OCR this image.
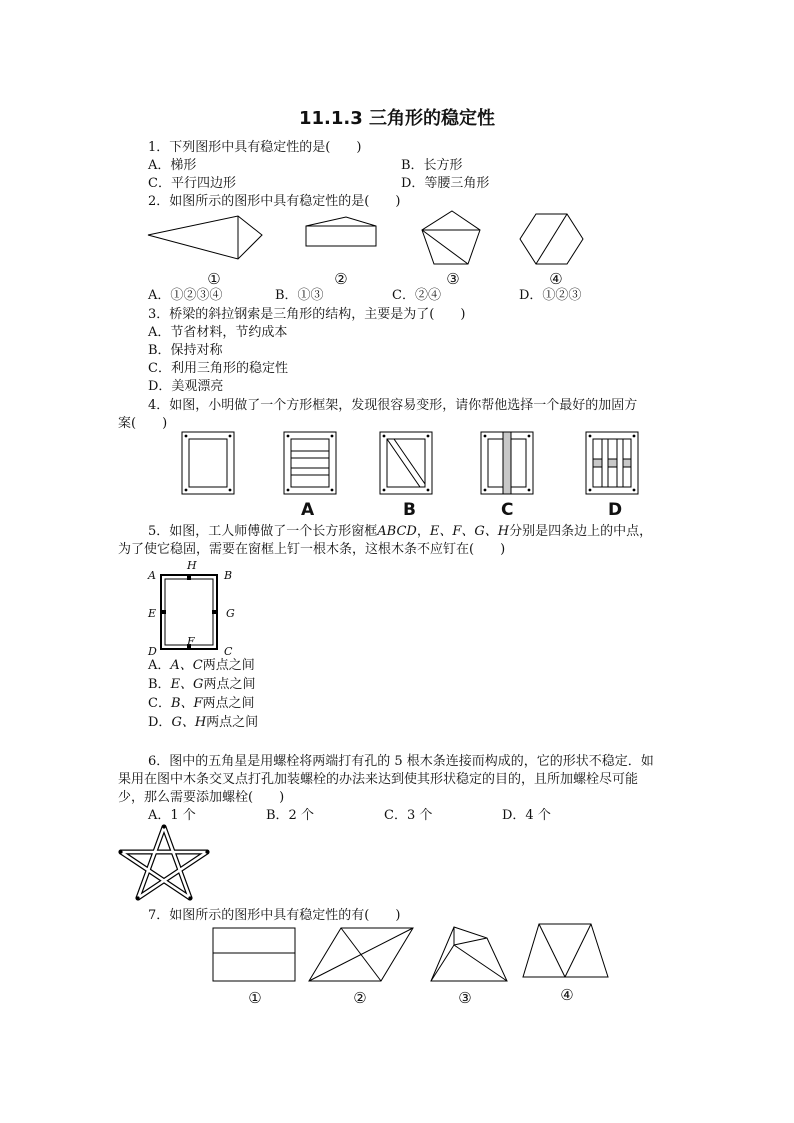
11.1.3 三角形的稳定性
1．下列图形中具有稳定性的是(　　)
A．梯形	B．长方形
C．平行四边形	D．等腰三角形
2．如图所示的图形中具有稳定性的是(　　)
①	②	③	④
A．①②③④	B．①③	C．②④	D．①②③
3．桥梁的斜拉钢索是三角形的结构，主要是为了(　　)
A．节省材料，节约成本
B．保持对称
C．利用三角形的稳定性
D．美观漂亮
4．如图，小明做了一个方形框架，发现很容易变形，请你帮他选择一个最好的加固方
案(　　)
A	B	C	D
5．如图，工人师傅做了一个长方形窗框ABCD，E、F、G、H分别是四条边上的中点，
为了使它稳固，需要在窗框上钉一根木条，这根木条不应钉在(　　)
A	B
D	C
E	G
H
F
A．A、C两点之间
B．E、G两点之间
C．B、F两点之间
D．G、H两点之间
6．图中的五角星是用螺栓将两端打有孔的 5 根木条连接而构成的，它的形状不稳定．如
果用在图中木条交叉点打孔加装螺栓的办法来达到使其形状稳定的目的，且所加螺栓尽可能
少，那么需要添加螺栓(　　)
A．1 个	B．2 个	C．3 个	D．4 个
7．如图所示的图形中具有稳定性的有(　　)
①	②	③	④
